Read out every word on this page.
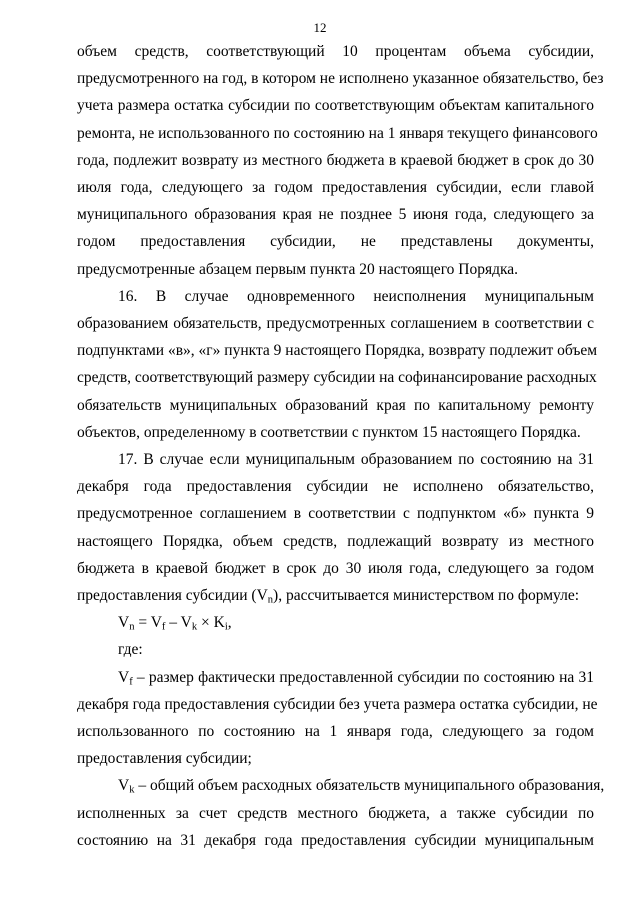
12

объем средств, соответствующий 10 процентам объема субсидии,
предусмотренного на год, в котором не исполнено указанное обязательство, без
учета размера остатка субсидии по соответствующим объектам капитального
ремонта, не использованного по состоянию на 1 января текущего финансового
года, подлежит возврату из местного бюджета в краевой бюджет в срок до 30
июля года, следующего за годом предоставления субсидии, если главой
муниципального образования края не позднее 5 июня года, следующего за
годом предоставления субсидии, не представлены документы,
предусмотренные абзацем первым пункта 20 настоящего Порядка.

16. В случае одновременного неисполнения муниципальным
образованием обязательств, предусмотренных соглашением в соответствии с
подпунктами «в», «г» пункта 9 настоящего Порядка, возврату подлежит объем
средств, соответствующий размеру субсидии на софинансирование расходных
обязательств муниципальных образований края по капитальному ремонту
объектов, определенному в соответствии с пунктом 15 настоящего Порядка.

17. В случае если муниципальным образованием по состоянию на 31
декабря года предоставления субсидии не исполнено обязательство,
предусмотренное соглашением в соответствии с подпунктом «б» пункта 9
настоящего Порядка, объем средств, подлежащий возврату из местного
бюджета в краевой бюджет в срок до 30 июля года, следующего за годом
предоставления субсидии $(V_n)$, рассчитывается министерством по формуле:

$V_n = V_f - V_k \times K_i$,

где:

$V_f$ – размер фактически предоставленной субсидии по состоянию на 31
декабря года предоставления субсидии без учета размера остатка субсидии, не
использованного по состоянию на 1 января года, следующего за годом
предоставления субсидии;

$V_k$ – общий объем расходных обязательств муниципального образования,
исполненных за счет средств местного бюджета, а также субсидии по
состоянию на 31 декабря года предоставления субсидии муниципальным
